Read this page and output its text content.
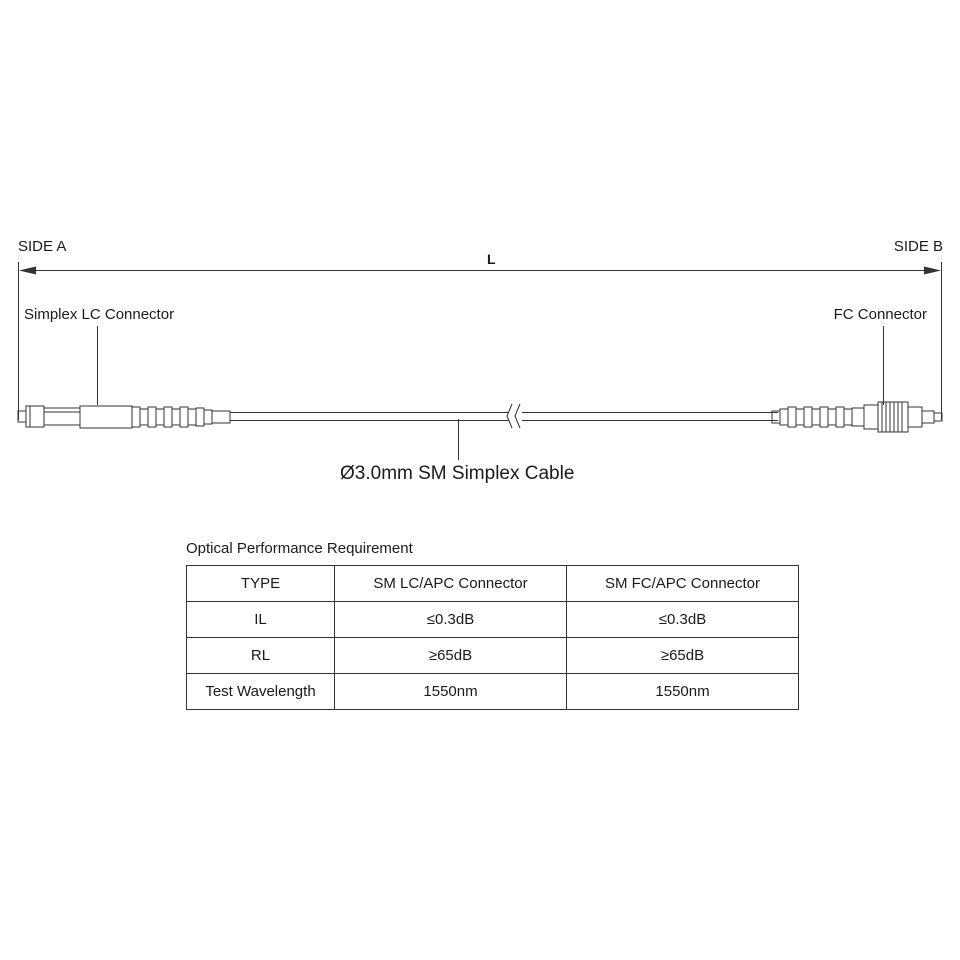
SIDE A	SIDE B
L
Simplex LC Connector	FC Connector
Ø3.0mm SM Simplex Cable
Optical Performance Requirement
TYPE	SM LC/APC Connector	SM FC/APC Connector
IL	≤0.3dB	≤0.3dB
RL	≥65dB	≥65dB
Test Wavelength	1550nm	1550nm
